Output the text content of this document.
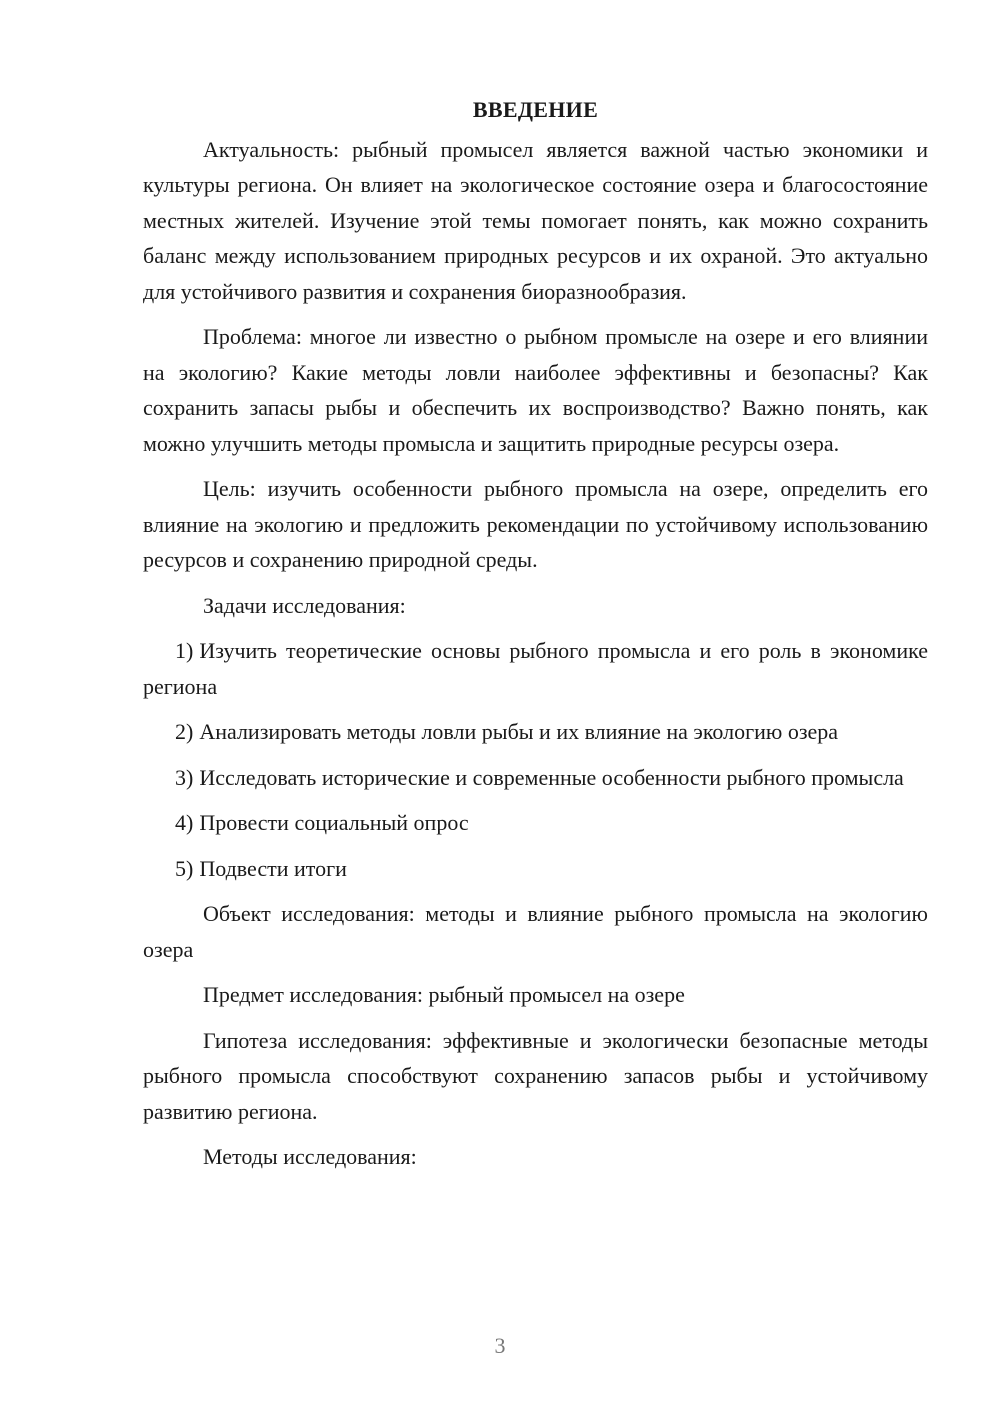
ВВЕДЕНИЕ

Актуальность: рыбный промысел является важной частью экономики и культуры региона. Он влияет на экологическое состояние озера и благосостояние местных жителей. Изучение этой темы помогает понять, как можно сохранить баланс между использованием природных ресурсов и их охраной. Это актуально для устойчивого развития и сохранения биоразнообразия.

Проблема: многое ли известно о рыбном промысле на озере и его влиянии на экологию? Какие методы ловли наиболее эффективны и безопасны? Как сохранить запасы рыбы и обеспечить их воспроизводство? Важно понять, как можно улучшить методы промысла и защитить природные ресурсы озера.

Цель: изучить особенности рыбного промысла на озере, определить его влияние на экологию и предложить рекомендации по устойчивому использованию ресурсов и сохранению природной среды.

Задачи исследования:

1) Изучить теоретические основы рыбного промысла и его роль в экономике региона

2) Анализировать методы ловли рыбы и их влияние на экологию озера

3) Исследовать исторические и современные особенности рыбного промысла

4) Провести социальный опрос

5) Подвести итоги

Объект исследования: методы и влияние рыбного промысла на экологию озера

Предмет исследования: рыбный промысел на озере

Гипотеза исследования: эффективные и экологически безопасные методы рыбного промысла способствуют сохранению запасов рыбы и устойчивому развитию региона.

Методы исследования:

3
